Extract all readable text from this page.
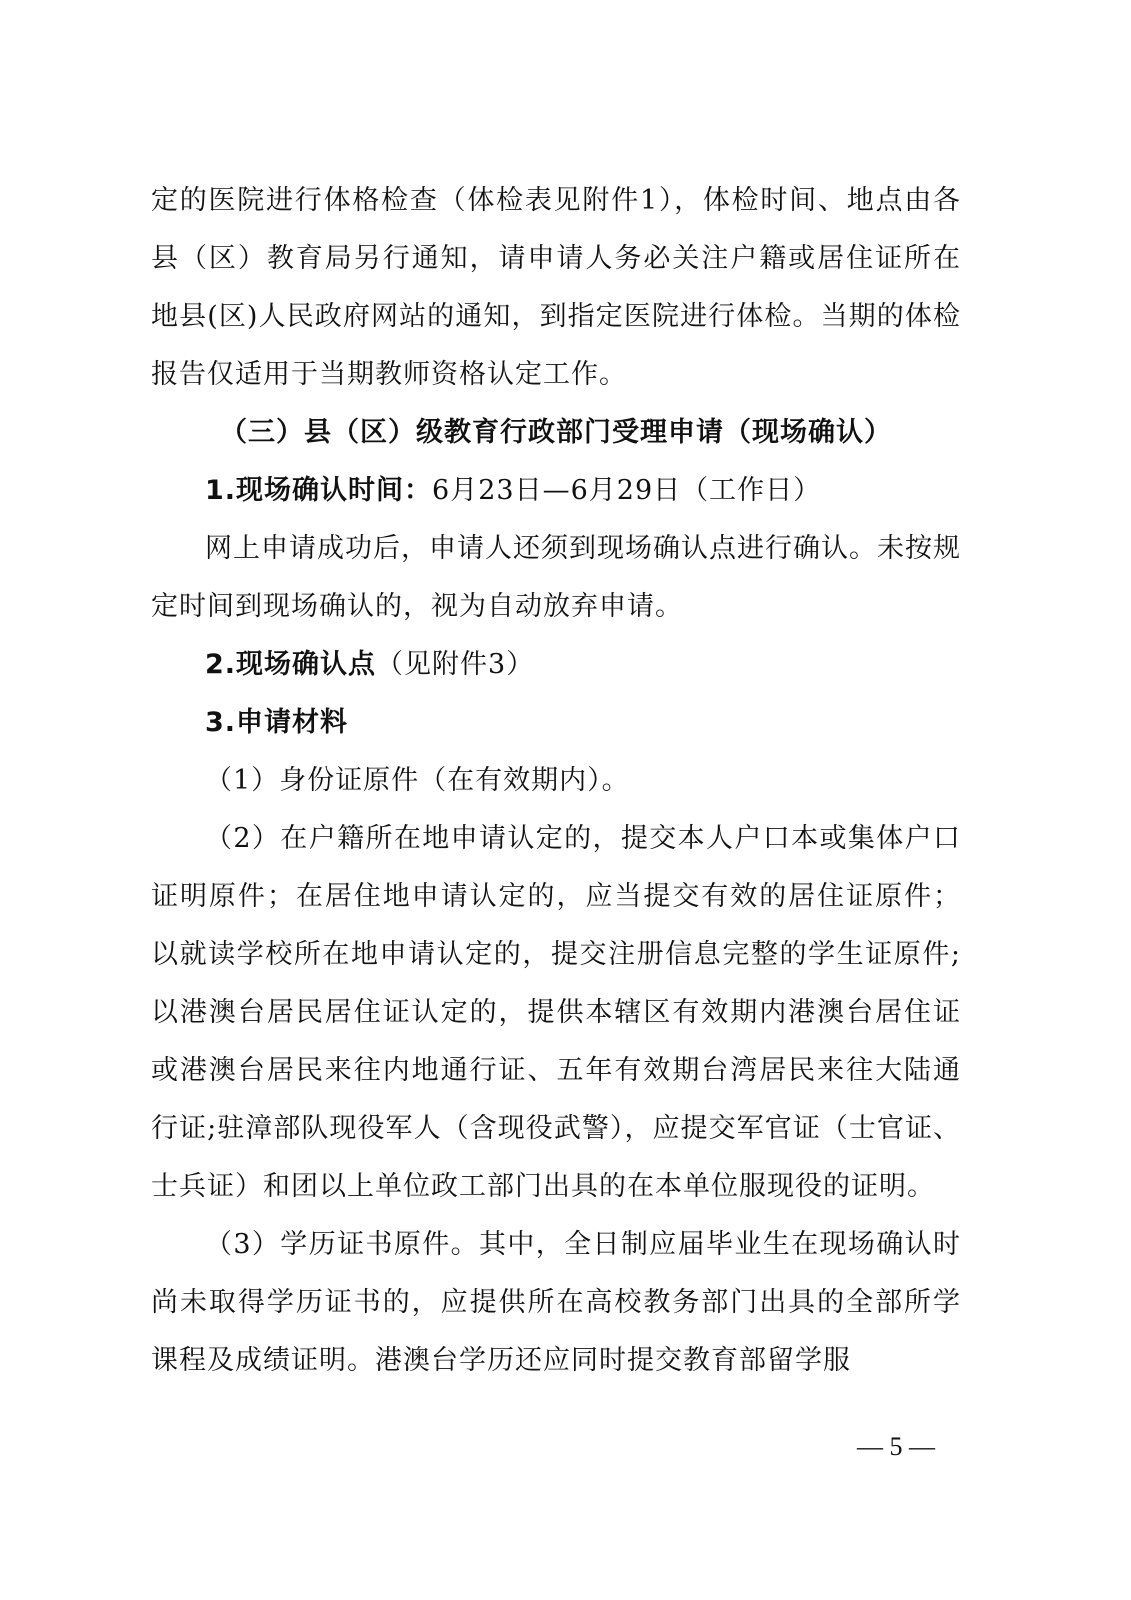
定的医院进行体格检查（体检表见附件1），体检时间、地点由各县（区）教育局另行通知，请申请人务必关注户籍或居住证所在地县(区)人民政府网站的通知，到指定医院进行体检。当期的体检报告仅适用于当期教师资格认定工作。

（三）县（区）级教育行政部门受理申请（现场确认）

1.现场确认时间：6月23日—6月29日（工作日）

网上申请成功后，申请人还须到现场确认点进行确认。未按规定时间到现场确认的，视为自动放弃申请。

2.现场确认点（见附件3）

3.申请材料

（1）身份证原件（在有效期内）。

（2）在户籍所在地申请认定的，提交本人户口本或集体户口证明原件；在居住地申请认定的，应当提交有效的居住证原件；以就读学校所在地申请认定的，提交注册信息完整的学生证原件;以港澳台居民居住证认定的，提供本辖区有效期内港澳台居住证或港澳台居民来往内地通行证、五年有效期台湾居民来往大陆通行证;驻漳部队现役军人（含现役武警），应提交军官证（士官证、士兵证）和团以上单位政工部门出具的在本单位服现役的证明。

（3）学历证书原件。其中，全日制应届毕业生在现场确认时尚未取得学历证书的，应提供所在高校教务部门出具的全部所学课程及成绩证明。港澳台学历还应同时提交教育部留学服

— 5 —
